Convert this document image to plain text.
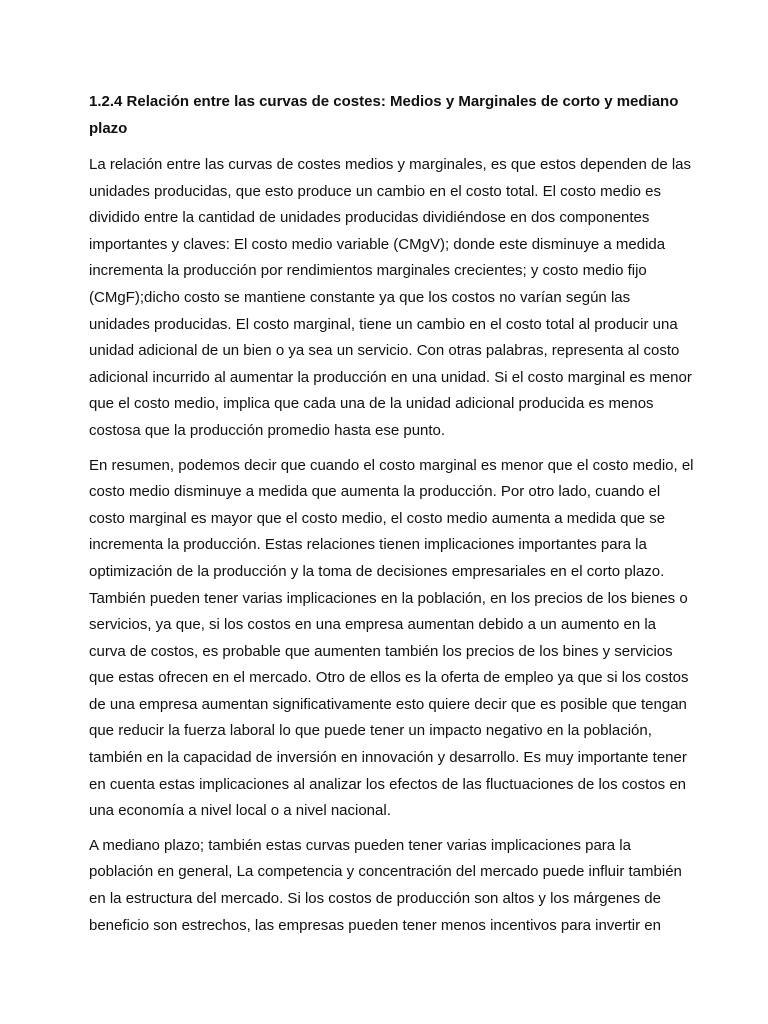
1.2.4 Relación entre las curvas de costes: Medios y Marginales de corto y mediano
plazo

La relación entre las curvas de costes medios y marginales, es que estos dependen de las
unidades producidas, que esto produce un cambio en el costo total. El costo medio es
dividido entre la cantidad de unidades producidas dividiéndose en dos componentes
importantes y claves: El costo medio variable (CMgV); donde este disminuye a medida
incrementa la producción por rendimientos marginales crecientes; y costo medio fijo
(CMgF);dicho costo se mantiene constante ya que los costos no varían según las
unidades producidas. El costo marginal, tiene un cambio en el costo total al producir una
unidad adicional de un bien o ya sea un servicio. Con otras palabras, representa al costo
adicional incurrido al aumentar la producción en una unidad. Si el costo marginal es menor
que el costo medio, implica que cada una de la unidad adicional producida es menos
costosa que la producción promedio hasta ese punto.

En resumen, podemos decir que cuando el costo marginal es menor que el costo medio, el
costo medio disminuye a medida que aumenta la producción. Por otro lado, cuando el
costo marginal es mayor que el costo medio, el costo medio aumenta a medida que se
incrementa la producción. Estas relaciones tienen implicaciones importantes para la
optimización de la producción y la toma de decisiones empresariales en el corto plazo.
También pueden tener varias implicaciones en la población, en los precios de los bienes o
servicios, ya que, si los costos en una empresa aumentan debido a un aumento en la
curva de costos, es probable que aumenten también los precios de los bines y servicios
que estas ofrecen en el mercado. Otro de ellos es la oferta de empleo ya que si los costos
de una empresa aumentan significativamente esto quiere decir que es posible que tengan
que reducir la fuerza laboral lo que puede tener un impacto negativo en la población,
también en la capacidad de inversión en innovación y desarrollo. Es muy importante tener
en cuenta estas implicaciones al analizar los efectos de las fluctuaciones de los costos en
una economía a nivel local o a nivel nacional.

A mediano plazo; también estas curvas pueden tener varias implicaciones para la
población en general, La competencia y concentración del mercado puede influir también
en la estructura del mercado. Si los costos de producción son altos y los márgenes de
beneficio son estrechos, las empresas pueden tener menos incentivos para invertir en
